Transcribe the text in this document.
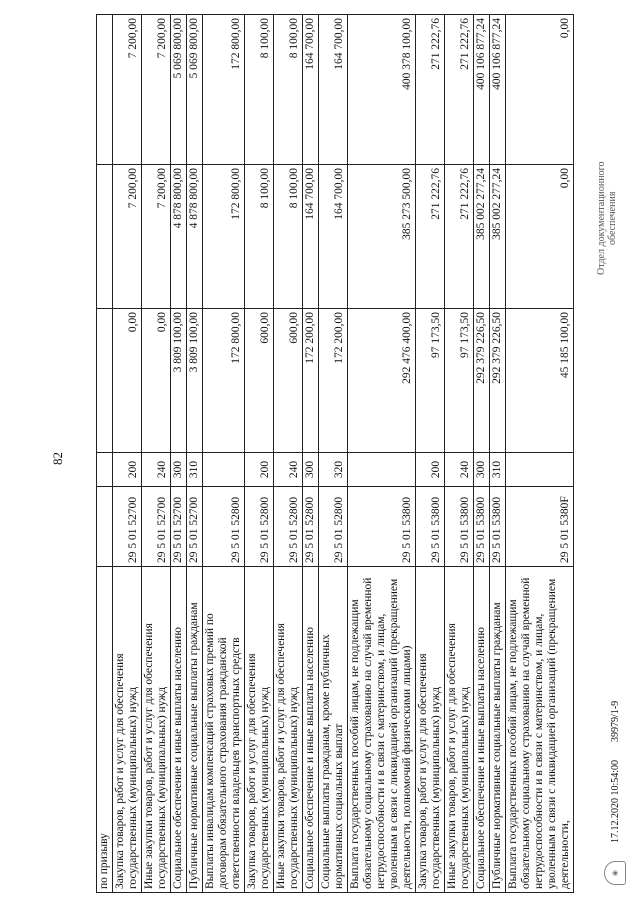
82
по призыву					
Закупка товаров, работ и услуг для обеспечения государственных (муниципальных) нужд	29 5 01 52700	200	0,00	7 200,00	7 200,00
Иные закупки товаров, работ и услуг для обеспечения государственных (муниципальных) нужд	29 5 01 52700	240	0,00	7 200,00	7 200,00
Социальное обеспечение и иные выплаты населению	29 5 01 52700	300	3 809 100,00	4 878 800,00	5 069 800,00
Публичные нормативные социальные выплаты гражданам	29 5 01 52700	310	3 809 100,00	4 878 800,00	5 069 800,00
Выплаты инвалидам компенсаций страховых премий по договорам обязательного страхования гражданской ответственности владельцев транспортных средств	29 5 01 52800		172 800,00	172 800,00	172 800,00
Закупка товаров, работ и услуг для обеспечения государственных (муниципальных) нужд	29 5 01 52800	200	600,00	8 100,00	8 100,00
Иные закупки товаров, работ и услуг для обеспечения государственных (муниципальных) нужд	29 5 01 52800	240	600,00	8 100,00	8 100,00
Социальное обеспечение и иные выплаты населению	29 5 01 52800	300	172 200,00	164 700,00	164 700,00
Социальные выплаты гражданам, кроме публичных нормативных социальных выплат	29 5 01 52800	320	172 200,00	164 700,00	164 700,00
Выплата государственных пособий лицам, не подлежащим обязательному социальному страхованию на случай временной нетрудоспособности и в связи с материнством, и лицам, уволенным в связи с ликвидацией организаций (прекращением деятельности, полномочий физическими лицами)	29 5 01 53800		292 476 400,00	385 273 500,00	400 378 100,00
Закупка товаров, работ и услуг для обеспечения государственных (муниципальных) нужд	29 5 01 53800	200	97 173,50	271 222,76	271 222,76
Иные закупки товаров, работ и услуг для обеспечения государственных (муниципальных) нужд	29 5 01 53800	240	97 173,50	271 222,76	271 222,76
Социальное обеспечение и иные выплаты населению	29 5 01 53800	300	292 379 226,50	385 002 277,24	400 106 877,24
Публичные нормативные социальные выплаты гражданам	29 5 01 53800	310	292 379 226,50	385 002 277,24	400 106 877,24
Выплата государственных пособий лицам, не подлежащим обязательному социальному страхованию на случай временной нетрудоспособности и в связи с материнством, и лицам, уволенным в связи с ликвидацией организаций (прекращением деятельности,	29 5 01 5380F		45 185 100,00	0,00	0,00
◉
17.12.2020 10:54:00
39979/1-9
Отдел документационного обеспечения
